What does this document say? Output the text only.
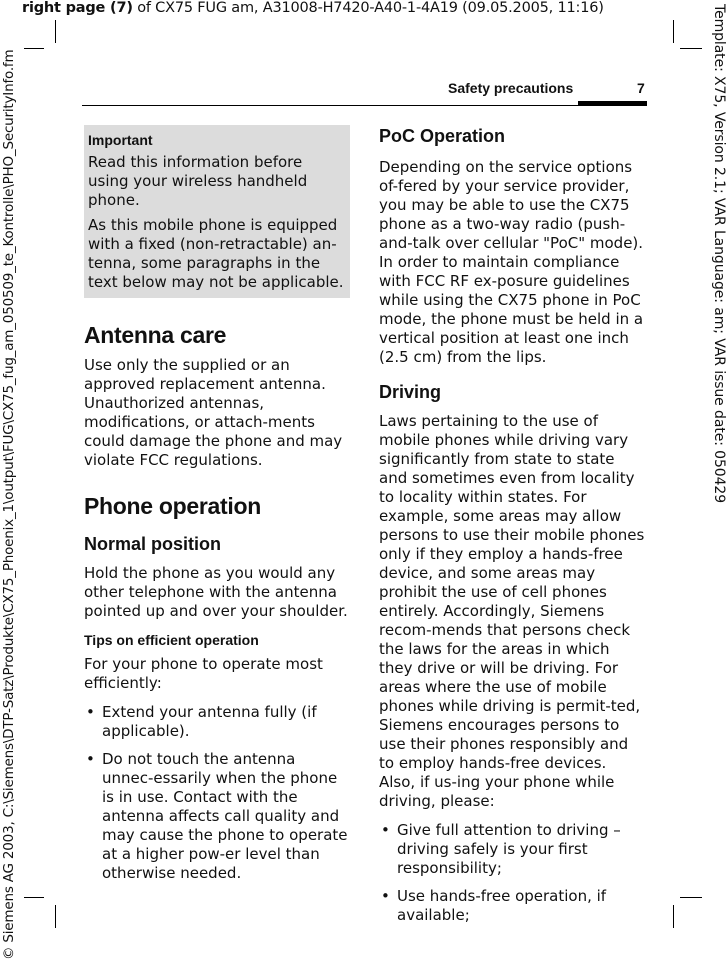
right page (7) of CX75 FUG am, A31008-H7420-A40-1-4A19 (09.05.2005, 11:16)
© Siemens AG 2003, C:\Siemens\DTP-Satz\Produkte\CX75_Phoenix_1\output\FUG\CX75_fug_am_050509_te_Kontrolle\PHO_SecurityInfo.fm	Template: X75, Version 2.1; VAR Language: am; VAR issue date: 050429
Safety precautions	7
Important

Read this information before using your wireless handheld phone.

As this mobile phone is equipped with a fixed (non-retractable) an-tenna, some paragraphs in the text below may not be applicable.

Antenna care

Use only the supplied or an approved replacement antenna. Unauthorized antennas, modifications, or attach-ments could damage the phone and may violate FCC regulations.

Phone operation
Normal position

Hold the phone as you would any other telephone with the antenna pointed up and over your shoulder.

Tips on efficient operation

For your phone to operate most efficiently:

• Extend your antenna fully (if applicable).
• Do not touch the antenna unnec-essarily when the phone is in use. Contact with the antenna affects call quality and may cause the phone to operate at a higher pow-er level than otherwise needed.
PoC Operation

Depending on the service options of-fered by your service provider, you may be able to use the CX75 phone as a two-way radio (push-and-talk over cellular "PoC" mode). In order to maintain compliance with FCC RF ex-posure guidelines while using the CX75 phone in PoC mode, the phone must be held in a vertical position at least one inch (2.5 cm) from the lips.

Driving

Laws pertaining to the use of mobile phones while driving vary significantly from state to state and sometimes even from locality to locality within states. For example, some areas may allow persons to use their mobile phones only if they employ a hands-free device, and some areas may prohibit the use of cell phones entirely. Accordingly, Siemens recom-mends that persons check the laws for the areas in which they drive or will be driving. For areas where the use of mobile phones while driving is permit-ted, Siemens encourages persons to use their phones responsibly and to employ hands-free devices. Also, if us-ing your phone while driving, please:

• Give full attention to driving – driving safely is your first responsibility;
• Use hands-free operation, if available;
